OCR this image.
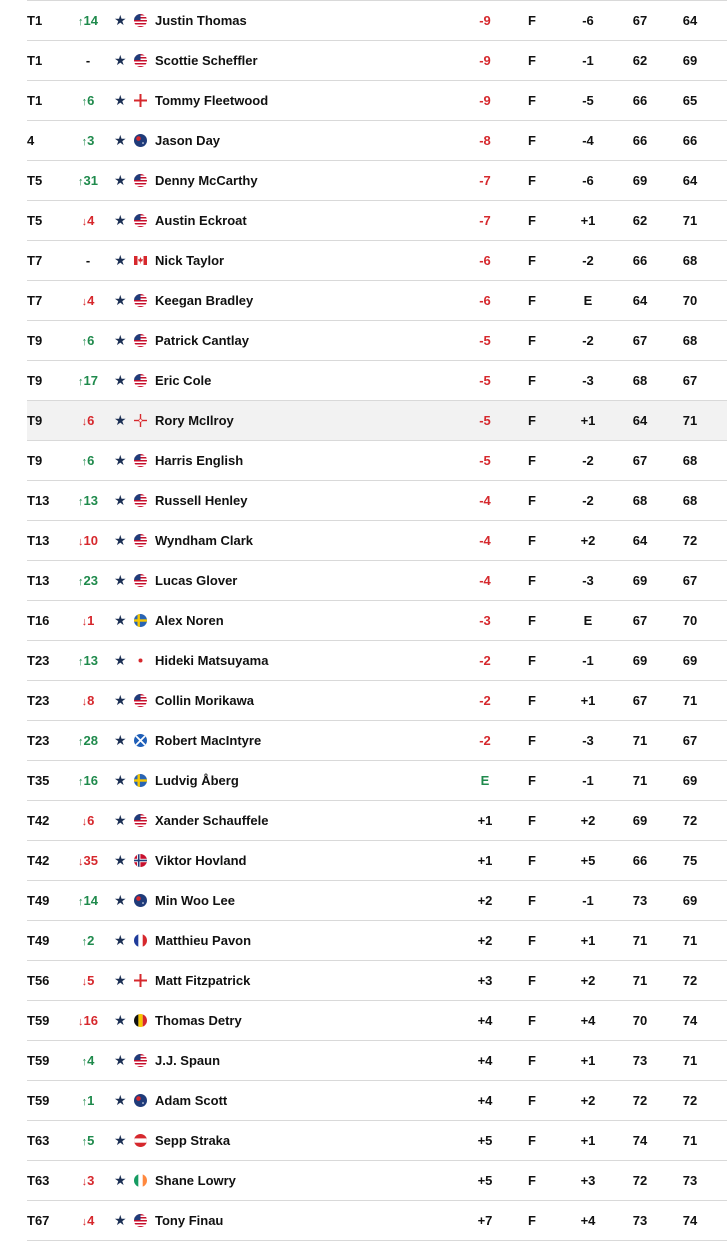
T1	↑14	★ Justin Thomas	-9	F	-6	67	64
T1	-	★ Scottie Scheffler	-9	F	-1	62	69
T1	↑6	★ Tommy Fleetwood	-9	F	-5	66	65
4	↑3	★ Jason Day	-8	F	-4	66	66
T5	↑31	★ Denny McCarthy	-7	F	-6	69	64
T5	↓4	★ Austin Eckroat	-7	F	+1	62	71
T7	-	★ Nick Taylor	-6	F	-2	66	68
T7	↓4	★ Keegan Bradley	-6	F	E	64	70
T9	↑6	★ Patrick Cantlay	-5	F	-2	67	68
T9	↑17	★ Eric Cole	-5	F	-3	68	67
T9	↓6	★ Rory McIlroy	-5	F	+1	64	71
T9	↑6	★ Harris English	-5	F	-2	67	68
T13	↑13	★ Russell Henley	-4	F	-2	68	68
T13	↓10	★ Wyndham Clark	-4	F	+2	64	72
T13	↑23	★ Lucas Glover	-4	F	-3	69	67
T16	↓1	★ Alex Noren	-3	F	E	67	70
T23	↑13	★ Hideki Matsuyama	-2	F	-1	69	69
T23	↓8	★ Collin Morikawa	-2	F	+1	67	71
T23	↑28	★ Robert MacIntyre	-2	F	-3	71	67
T35	↑16	★ Ludvig Åberg	E	F	-1	71	69
T42	↓6	★ Xander Schauffele	+1	F	+2	69	72
T42	↓35	★ Viktor Hovland	+1	F	+5	66	75
T49	↑14	★ Min Woo Lee	+2	F	-1	73	69
T49	↑2	★ Matthieu Pavon	+2	F	+1	71	71
T56	↓5	★ Matt Fitzpatrick	+3	F	+2	71	72
T59	↓16	★ Thomas Detry	+4	F	+4	70	74
T59	↑4	★ J.J. Spaun	+4	F	+1	73	71
T59	↑1	★ Adam Scott	+4	F	+2	72	72
T63	↑5	★ Sepp Straka	+5	F	+1	74	71
T63	↓3	★ Shane Lowry	+5	F	+3	72	73
T67	↓4	★ Tony Finau	+7	F	+4	73	74
